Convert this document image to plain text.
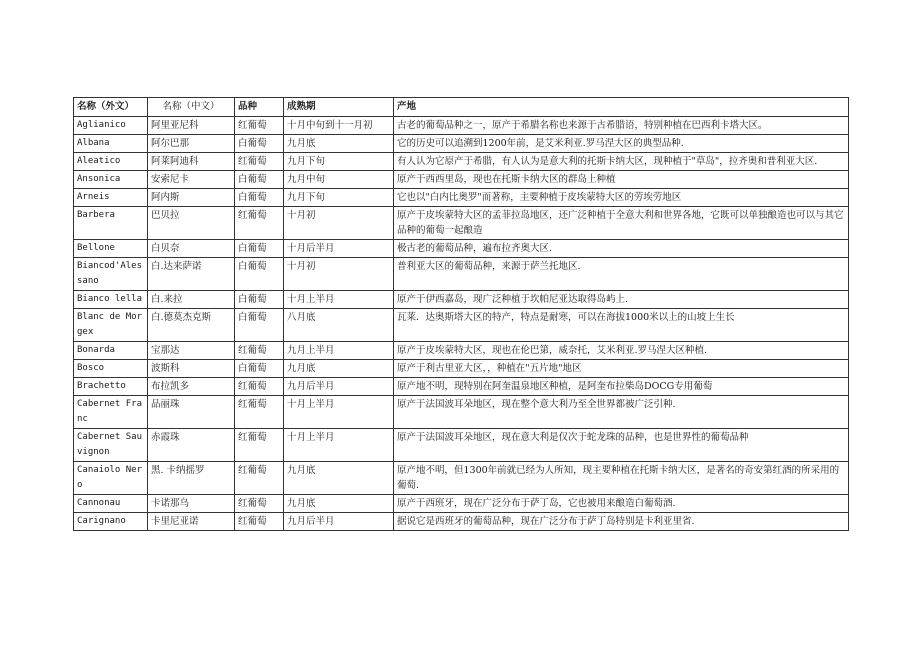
名称（外文）	名称（中文）	品种	成熟期	产地
Aglianico	阿里亚尼科	红葡萄	十月中旬到十一月初	古老的葡萄品种之一，原产于希腊名称也来源于古希腊语，特别种植在巴西利卡塔大区。
Albana	阿尔巴那	白葡萄	九月底	它的历史可以追溯到1200年前，是艾米利亚.罗马涅大区的典型品种.
Aleatico	阿莱阿迪科	红葡萄	九月下旬	有人认为它原产于希腊，有人认为是意大利的托斯卡纳大区，现种植于"草岛"，拉齐奥和普利亚大区.
Ansonica	安索尼卡	白葡萄	九月中旬	原产于西西里岛，现也在托斯卡纳大区的群岛上种植
Arneis	阿内斯	白葡萄	九月下旬	它也以"白内比奥罗"而著称，主要种植于皮埃蒙特大区的劳埃劳地区
Barbera	巴贝拉	红葡萄	十月初	原产于皮埃蒙特大区的孟菲拉岛地区，还广泛种植于全意大利和世界各地，它既可以单独酿造也可以与其它品种的葡萄一起酿造
Bellone	白贝奈	白葡萄	十月后半月	极古老的葡萄品种，遍布拉齐奥大区.
Biancod'Alessano	白.达来萨诺	白葡萄	十月初	普利亚大区的葡萄品种，来源于萨兰托地区.
Bianco lella	白.来拉	白葡萄	十月上半月	原产于伊西嘉岛，现广泛种植于坎帕尼亚达取得岛屿上.
Blanc de Morgex	白.德莫杰克斯	白葡萄	八月底	瓦莱．达奥斯塔大区的特产，特点是耐寒，可以在海拔1000米以上的山坡上生长
Bonarda	宝那达	红葡萄	九月上半月	原产于皮埃蒙特大区，现也在伦巴第，威奈托，艾米利亚.罗马涅大区种植.
Bosco	波斯科	白葡萄	九月底	原产于利古里亚大区，，种植在"五片地"地区
Brachetto	布拉凯多	红葡萄	九月后半月	原产地不明，现特别在阿奎温泉地区种植，是阿奎布拉柴岛DOCG专用葡萄
Cabernet Franc	品丽珠	红葡萄	十月上半月	原产于法国波耳朵地区，现在整个意大利乃至全世界都被广泛引种.
Cabernet Sauvignon	赤霞珠	红葡萄	十月上半月	原产于法国波耳朵地区，现在意大利是仅次于蛇龙珠的品种，也是世界性的葡萄品种
Canaiolo Nero	黑. 卡纳摇罗	红葡萄	九月底	原产地不明，但1300年前就已经为人所知，现主要种植在托斯卡纳大区，是著名的奇安第红酒的所采用的葡萄.
Cannonau	卡诺那乌	红葡萄	九月底	原产于西班牙，现在广泛分布于萨丁岛，它也被用来酿造白葡萄酒.
Carignano	卡里尼亚诺	红葡萄	九月后半月	据说它是西班牙的葡萄品种，现在广泛分布于萨丁岛特别是卡利亚里省.
